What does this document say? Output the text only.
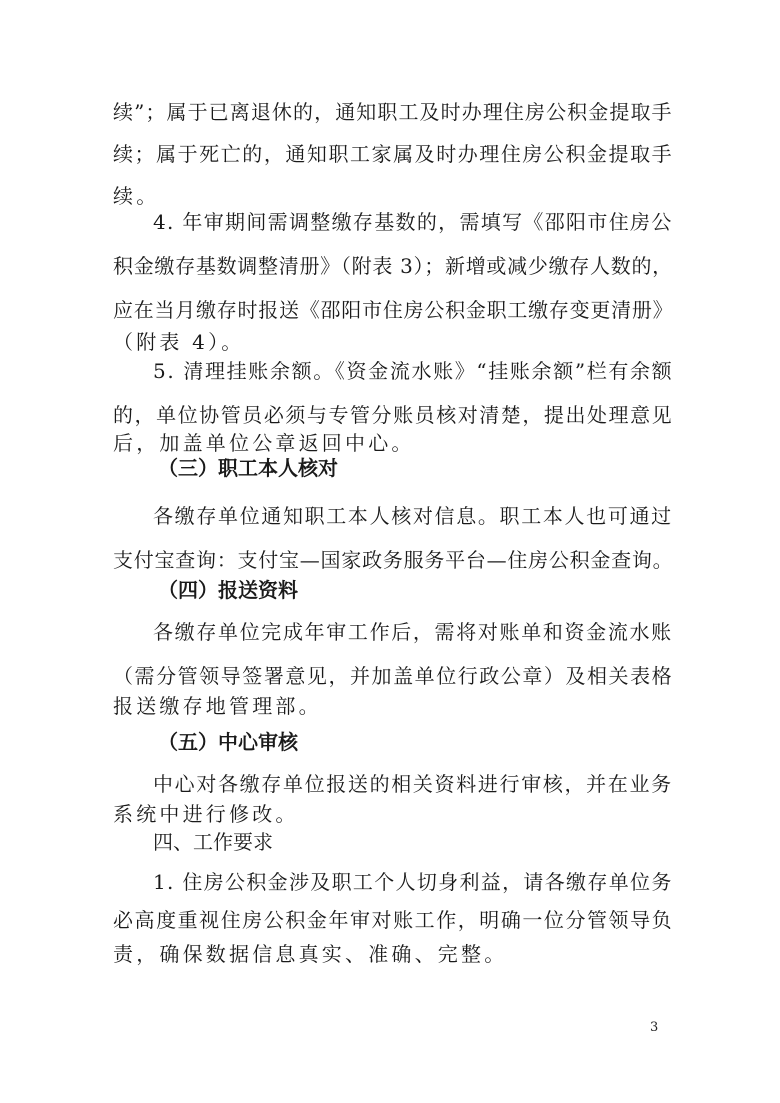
续”；属于已离退休的，通知职工及时办理住房公积金提取手
续；属于死亡的，通知职工家属及时办理住房公积金提取手
续。
4. 年审期间需调整缴存基数的，需填写《邵阳市住房公
积金缴存基数调整清册》（附表 3）；新增或减少缴存人数的，
应在当月缴存时报送《邵阳市住房公积金职工缴存变更清册》
（附表 4）。
5. 清理挂账余额。《资金流水账》“挂账余额”栏有余额
的，单位协管员必须与专管分账员核对清楚，提出处理意见
后，加盖单位公章返回中心。
（三）职工本人核对
各缴存单位通知职工本人核对信息。职工本人也可通过
支付宝查询：支付宝—国家政务服务平台—住房公积金查询。
（四）报送资料
各缴存单位完成年审工作后，需将对账单和资金流水账
（需分管领导签署意见，并加盖单位行政公章）及相关表格
报送缴存地管理部。
（五）中心审核
中心对各缴存单位报送的相关资料进行审核，并在业务
系统中进行修改。
四、工作要求
1. 住房公积金涉及职工个人切身利益，请各缴存单位务
必高度重视住房公积金年审对账工作，明确一位分管领导负
责，确保数据信息真实、准确、完整。
3
